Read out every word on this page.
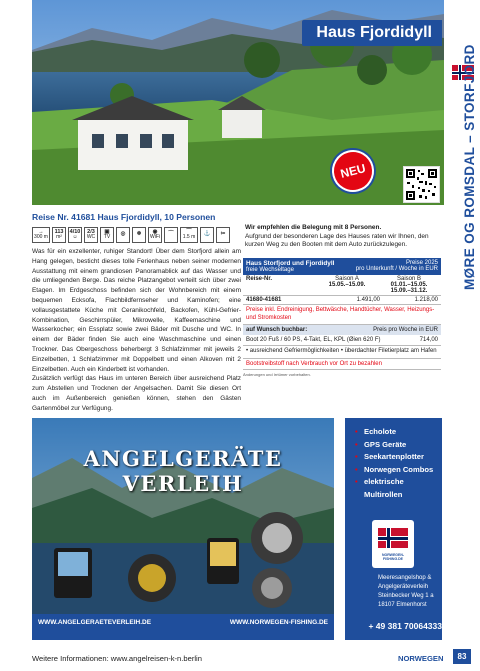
Haus Fjordidyll
NEU	MØRE OG ROMSDAL – STORFJORD
Reise Nr. 41681 Haus Fjordidyll, 10 Personen
→
300 m
113
m²
4/10
☺
2/3
WC
▣
TV ◎ ❄ ◉
WiFi ⌒ ⌒
1.5 m ⚓ ✂

Was für ein exzellenter, ruhiger Standort! Über dem Storfjord allein am Hang gelegen, besticht dieses tolle Ferienhaus neben seiner modernen Ausstattung mit einem grandiosen Panoramablick auf das Wasser und die umliegenden Berge. Das reiche Platzangebot verteilt sich über zwei Etagen. Im Erdgeschoss befinden sich der Wohnbereich mit einem bequemen Ecksofa, Flachbildfernseher und Kaminofen; eine vollausgestattete Küche mit Ceranikochfeld, Backofen, Kühl-Gefrier-Kombination, Geschirrspüler, Mikrowelle, Kaffeemaschine und Wasserkocher; ein Essplatz sowie zwei Bäder mit Dusche und WC. In einem der Bäder finden Sie auch eine Waschmaschine und einen Trockner. Das Obergeschoss beherbergt 3 Schlafzimmer mit jeweils 2 Einzelbetten, 1 Schlafzimmer mit Doppelbett und einen Alkoven mit 2 Einzelbetten. Auch ein Kinderbett ist vorhanden.

Zusätzlich verfügt das Haus im unteren Bereich über ausreichend Platz zum Abstellen und Trocknen der Angelsachen. Damit Sie diesen Ort auch im Außenbereich genießen können, stehen den Gästen Gartenmöbel zur Verfügung.

Wir empfehlen die Belegung mit 8 Personen.
Aufgrund der besonderen Lage des Hauses raten wir Ihnen, den kurzen Weg zu den Booten mit dem Auto zurückzulegen.
Haus Storfjord und Fjordidyll
freie Wechseltage
Preise 2025
pro Unterkunft / Woche in EUR
Reise-Nr.	Saison A
15.05.–15.09.
Saison B
01.01.–15.05.
15.09.–31.12.
41680-41681	1.491,00	1.218,00
Preise inkl. Endreinigung, Bettwäsche, Handtücher, Wasser, Heizungs- und Stromkosten
auf Wunsch buchbar:	Preis pro Woche in EUR
Boot 20 Fuß / 60 PS, 4-Takt, EL, KPL (Øien 620 F)	714,00
• ausreichend Gefriermöglichkeiten • überdachter Filetierplatz am Hafen
Bootstreibstoff nach Verbrauch vor Ort zu bezahlen
Änderungen und Irrtümer vorbehalten.
ANGELGERÄTE VERLEIH
WWW.ANGELGERAETEVERLEIH.DE	WWW.NORWEGEN-FISHING.DE
• Echolote
• GPS Geräte
• Seekartenplotter
• Norwegen Combos
• elektrische Multirollen
NORWEGEN-FISHING.DE
Meeresangelshop &
Angelgeräteverleih
Steinbecker Weg 1 a
18107 Elmenhorst
+ 49 381 70064333
Weitere Informationen: www.angelreisen-k-n.berlin	NORWEGEN	83
